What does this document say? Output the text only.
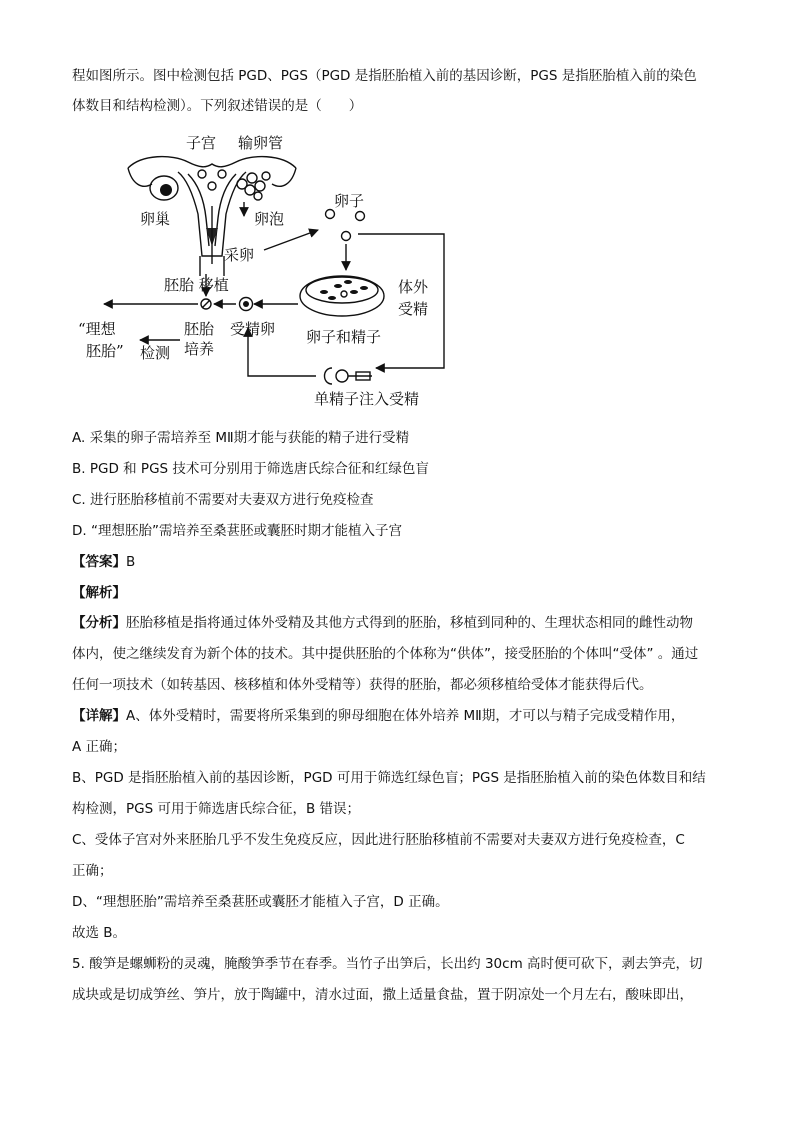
程如图所示。图中检测包括 PGD、PGS（PGD 是指胚胎植入前的基因诊断，PGS 是指胚胎植入前的染色
体数目和结构检测）。下列叙述错误的是（　　）
子宫 输卵管
卵巢	卵泡
采卵
卵子
体外
受精
卵子和精子
胚胎 移植
受精卵
胚胎
培养
“理想
胚胎” 检测
单精子注入受精
A. 采集的卵子需培养至 MⅡ期才能与获能的精子进行受精
B. PGD 和 PGS 技术可分别用于筛选唐氏综合征和红绿色盲
C. 进行胚胎移植前不需要对夫妻双方进行免疫检查
D. “理想胚胎”需培养至桑葚胚或囊胚时期才能植入子宫
【答案】B
【解析】
【分析】胚胎移植是指将通过体外受精及其他方式得到的胚胎，移植到同种的、生理状态相同的雌性动物
体内，使之继续发育为新个体的技术。其中提供胚胎的个体称为“供体”，接受胚胎的个体叫“受体” 。通过
任何一项技术（如转基因、核移植和体外受精等）获得的胚胎，都必须移植给受体才能获得后代。
【详解】A、体外受精时，需要将所采集到的卵母细胞在体外培养 MⅡ期，才可以与精子完成受精作用，
A 正确；
B、PGD 是指胚胎植入前的基因诊断，PGD 可用于筛选红绿色盲；PGS 是指胚胎植入前的染色体数目和结
构检测，PGS 可用于筛选唐氏综合征，B 错误；
C、受体子宫对外来胚胎几乎不发生免疫反应，因此进行胚胎移植前不需要对夫妻双方进行免疫检查，C
正确；
D、“理想胚胎”需培养至桑葚胚或囊胚才能植入子宫，D 正确。
故选 B。
5. 酸笋是螺蛳粉的灵魂，腌酸笋季节在春季。当竹子出笋后，长出约 30cm 高时便可砍下，剥去笋壳，切
成块或是切成笋丝、笋片，放于陶罐中，清水过面，撒上适量食盐，置于阴凉处一个月左右，酸味即出，
